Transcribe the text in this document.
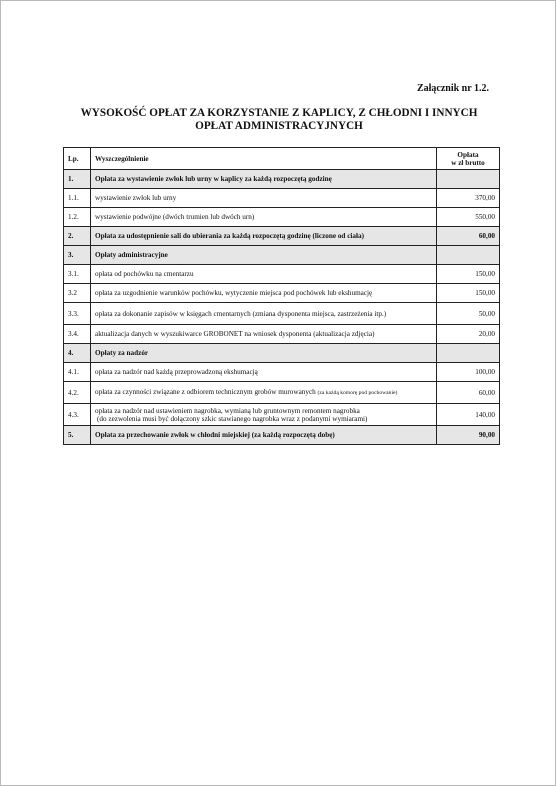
Załącznik nr 1.2.
WYSOKOŚĆ OPŁAT ZA KORZYSTANIE Z KAPLICY, Z CHŁODNI I INNYCH
OPŁAT ADMINISTRACYJNYCH
Lp.	Wyszczególnienie	Opłata
w zł brutto

1.	Opłata za wystawienie zwłok lub urny w kaplicy za każdą rozpoczętą godzinę	
1.1.	wystawienie zwłok lub urny	370,00
1.2.	wystawienie podwójne (dwóch trumien lub dwóch urn)	550,00
2.	Opłata za udostępnienie sali do ubierania za każdą rozpoczętą godzinę (liczone od ciała)	60,00
3.	Opłaty administracyjne	
3.1.	opłata od pochówku na cmentarzu	150,00
3.2	opłata za uzgodnienie warunków pochówku, wytyczenie miejsca pod pochówek lub ekshumację	150,00
3.3.	opłata za dokonanie zapisów w księgach cmentarnych (zmiana dysponenta miejsca, zastrzeżenia itp.)	50,00
3.4.	aktualizacja danych w wyszukiwarce GROBONET na wniosek dysponenta (aktualizacja zdjęcia)	20,00
4.	Opłaty za nadzór	
4.1.	opłata za nadzór nad każdą przeprowadzoną ekshumacją	100,00
4.2.	opłata za czynności związane z odbiorem technicznym grobów murowanych (za każdą komorę pod pochowanie)	60,00
4.3.	opłata za nadzór nad ustawieniem nagrobka, wymianą lub gruntownym remontem nagrobka
(do zezwolenia musi być dołączony szkic stawianego nagrobka wraz z podanymi wymiarami)	140,00
5.	Opłata za przechowanie zwłok w chłodni miejskiej (za każdą rozpoczętą dobę)	90,00
